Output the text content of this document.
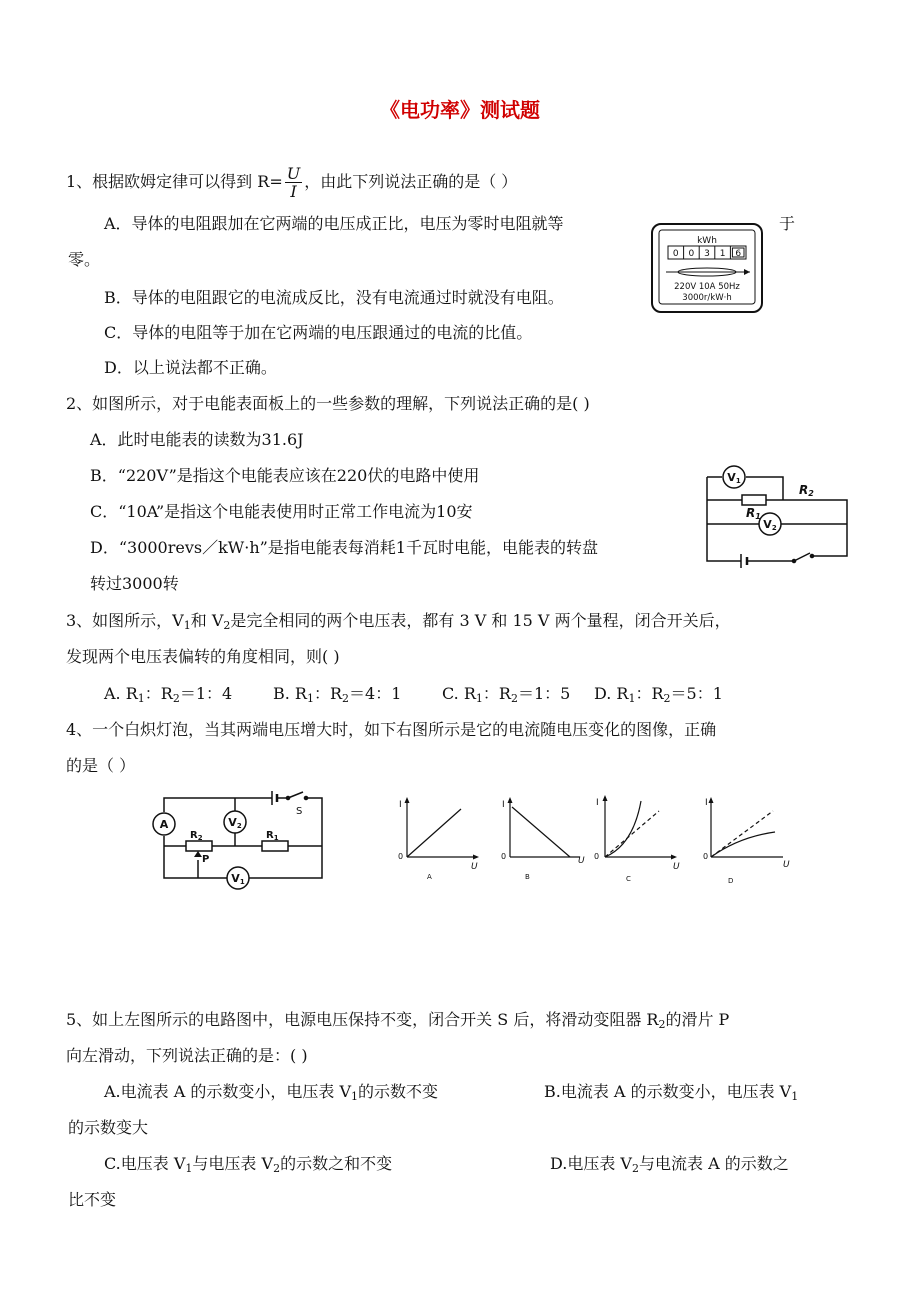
《电功率》测试题
1、根据欧姆定律可以得到 $R= \frac{U}{I}$ ，由此下列说法正确的是（ ）
A．导体的电阻跟加在它两端的电压成正比，电压为零时电阻就等	于
零。
B．导体的电阻跟它的电流成反比，没有电流通过时就没有电阻。
C．导体的电阻等于加在它两端的电压跟通过的电流的比值。
D．以上说法都不正确。
kWh
0 0 3 1 6
220V 10A 50Hz
3000r/kW·h
2、如图所示，对于电能表面板上的一些参数的理解，下列说法正确的是( )
A．此时电能表的读数为31.6J
B．“220V”是指这个电能表应该在220伏的电路中使用
C．“10A”是指这个电能表使用时正常工作电流为10安
D．“3000revs／kW·h”是指电能表每消耗1千瓦时电能，电能表的转盘
转过3000转
V1
V2
R2
R1
3、如图所示，$V_1$和 $V_2$是完全相同的两个电压表，都有 3 V 和 15 V 两个量程，闭合开关后，
发现两个电压表偏转的角度相同，则( )
A. $R_1$：$R_2=1$：4	B. $R_1$：$R_2=4$：1	C. $R_1$：$R_2=1$：5 D. $R_1$：$R_2=5$：1
4、一个白炽灯泡，当其两端电压增大时，如下右图所示是它的电流随电压变化的图像，正确
的是（ ）
A	V2
V1
$R_2$	$R_1$
P
S
I
U
0
A
I
U
0
B
I
U
0
C
I
U
0
D
5、如上左图所示的电路图中，电源电压保持不变，闭合开关 S 后，将滑动变阻器 $R_2$的滑片 P
向左滑动，下列说法正确的是：( )
A.电流表 A 的示数变小，电压表 $V_1$的示数不变	B.电流表 A 的示数变小，电压表 $V_1$
的示数变大
C.电压表 $V_1$与电压表 $V_2$的示数之和不变	D.电压表 $V_2$与电流表 A 的示数之
比不变
